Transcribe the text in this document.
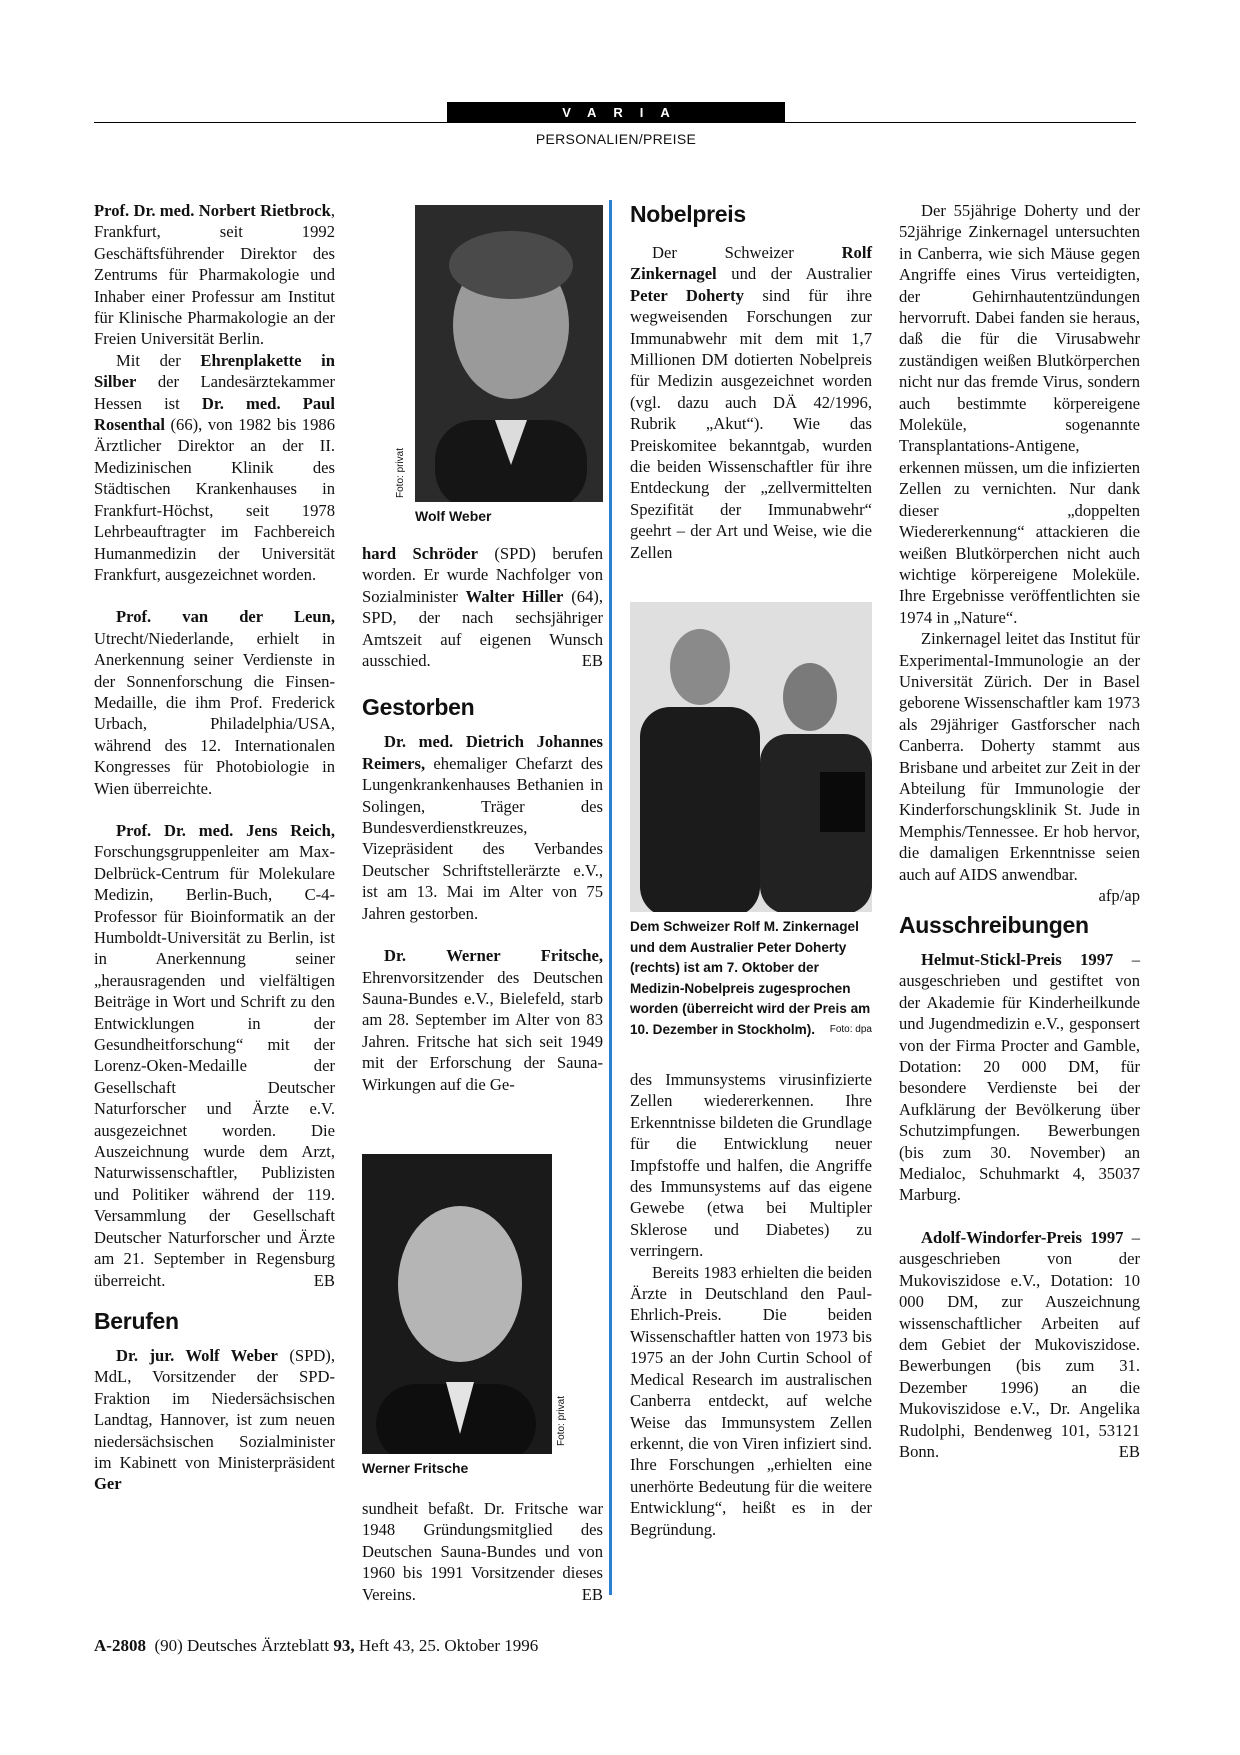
VARIA
PERSONALIEN/PREISE

Prof. Dr. med. Norbert Rietbrock, Frankfurt, seit 1992 Geschäftsführender Direktor des Zentrums für Pharmakologie und Inhaber einer Professur am Institut für Klinische Pharmakologie an der Freien Universität Berlin.

Mit der Ehrenplakette in Silber der Landesärztekammer Hessen ist Dr. med. Paul Rosenthal (66), von 1982 bis 1986 Ärztlicher Direktor an der II. Medizinischen Klinik des Städtischen Krankenhauses in Frankfurt-Höchst, seit 1978 Lehrbeauftragter im Fachbereich Humanmedizin der Universität Frankfurt, ausgezeichnet worden.

Prof. van der Leun, Utrecht/Niederlande, erhielt in Anerkennung seiner Verdienste in der Sonnenforschung die Finsen-Medaille, die ihm Prof. Frederick Urbach, Philadelphia/USA, während des 12. Internationalen Kongresses für Photobiologie in Wien überreichte.

Prof. Dr. med. Jens Reich, Forschungsgruppenleiter am Max-Delbrück-Centrum für Molekulare Medizin, Berlin-Buch, C-4-Professor für Bioinformatik an der Humboldt-Universität zu Berlin, ist in Anerkennung seiner „herausragenden und vielfältigen Beiträge in Wort und Schrift zu den Entwicklungen in der Gesundheitforschung“ mit der Lorenz-Oken-Medaille der Gesellschaft Deutscher Naturforscher und Ärzte e.V. ausgezeichnet worden. Die Auszeichnung wurde dem Arzt, Naturwissenschaftler, Publizisten und Politiker während der 119. Versammlung der Gesellschaft Deutscher Naturforscher und Ärzte am 21. September in Regensburg überreicht.	EB

Berufen

Dr. jur. Wolf Weber (SPD), MdL, Vorsitzender der SPD-Fraktion im Niedersächsischen Landtag, Hannover, ist zum neuen niedersächsischen Sozialminister im Kabinett von Ministerpräsident Ger

Foto: privat
Wolf Weber

hard Schröder (SPD) berufen worden. Er wurde Nachfolger von Sozialminister Walter Hiller (64), SPD, der nach sechsjähriger Amtszeit auf eigenen Wunsch ausschied.	EB

Gestorben

Dr. med. Dietrich Johannes Reimers, ehemaliger Chefarzt des Lungenkrankenhauses Bethanien in Solingen, Träger des Bundesverdienstkreuzes, Vizepräsident des Verbandes Deutscher Schriftstellerärzte e.V., ist am 13. Mai im Alter von 75 Jahren gestorben.

Dr. Werner Fritsche, Ehrenvorsitzender des Deutschen Sauna-Bundes e.V., Bielefeld, starb am 28. September im Alter von 83 Jahren. Fritsche hat sich seit 1949 mit der Erforschung der Sauna-Wirkungen auf die Ge-

Foto: privat
Werner Fritsche

sundheit befaßt. Dr. Fritsche war 1948 Gründungsmitglied des Deutschen Sauna-Bundes und von 1960 bis 1991 Vorsitzender dieses Vereins.	EB

Nobelpreis

Der Schweizer Rolf Zinkernagel und der Australier Peter Doherty sind für ihre wegweisenden Forschungen zur Immunabwehr mit dem mit 1,7 Millionen DM dotierten Nobelpreis für Medizin ausgezeichnet worden (vgl. dazu auch DÄ 42/1996, Rubrik „Akut“). Wie das Preiskomitee bekanntgab, wurden die beiden Wissenschaftler für ihre Entdeckung der „zellvermittelten Spezifität der Immunabwehr“ geehrt – der Art und Weise, wie die Zellen

Dem Schweizer Rolf M. Zinkernagel und dem Australier Peter Doherty (rechts) ist am 7. Oktober der Medizin-Nobelpreis zugesprochen worden (überreicht wird der Preis am 10. Dezember in Stockholm). Foto: dpa

des Immunsystems virusinfizierte Zellen wiedererkennen. Ihre Erkenntnisse bildeten die Grundlage für die Entwicklung neuer Impfstoffe und halfen, die Angriffe des Immunsystems auf das eigene Gewebe (etwa bei Multipler Sklerose und Diabetes) zu verringern.

Bereits 1983 erhielten die beiden Ärzte in Deutschland den Paul-Ehrlich-Preis. Die beiden Wissenschaftler hatten von 1973 bis 1975 an der John Curtin School of Medical Research im australischen Canberra entdeckt, auf welche Weise das Immunsystem Zellen erkennt, die von Viren infiziert sind. Ihre Forschungen „erhielten eine unerhörte Bedeutung für die weitere Entwicklung“, heißt es in der Begründung.

Der 55jährige Doherty und der 52jährige Zinkernagel untersuchten in Canberra, wie sich Mäuse gegen Angriffe eines Virus verteidigten, der Gehirnhautentzündungen hervorruft. Dabei fanden sie heraus, daß die für die Virusabwehr zuständigen weißen Blutkörperchen nicht nur das fremde Virus, sondern auch bestimmte körpereigene Moleküle, sogenannte Transplantations-Antigene, erkennen müssen, um die infizierten Zellen zu vernichten. Nur dank dieser „doppelten Wiedererkennung“ attackieren die weißen Blutkörperchen nicht auch wichtige körpereigene Moleküle. Ihre Ergebnisse veröffentlichten sie 1974 in „Nature“.

Zinkernagel leitet das Institut für Experimental-Immunologie an der Universität Zürich. Der in Basel geborene Wissenschaftler kam 1973 als 29jähriger Gastforscher nach Canberra. Doherty stammt aus Brisbane und arbeitet zur Zeit in der Abteilung für Immunologie der Kinderforschungsklinik St. Jude in Memphis/Tennessee. Er hob hervor, die damaligen Erkenntnisse seien auch auf AIDS anwendbar.
afp/ap

Ausschreibungen

Helmut-Stickl-Preis 1997 – ausgeschrieben und gestiftet von der Akademie für Kinderheilkunde und Jugendmedizin e.V., gesponsert von der Firma Procter and Gamble, Dotation: 20 000 DM, für besondere Verdienste bei der Aufklärung der Bevölkerung über Schutzimpfungen. Bewerbungen (bis zum 30. November) an Medialoc, Schuhmarkt 4, 35037 Marburg.

Adolf-Windorfer-Preis 1997 – ausgeschrieben von der Mukoviszidose e.V., Dotation: 10 000 DM, zur Auszeichnung wissenschaftlicher Arbeiten auf dem Gebiet der Mukoviszidose. Bewerbungen (bis zum 31. Dezember 1996) an die Mukoviszidose e.V., Dr. Angelika Rudolphi, Bendenweg 101, 53121 Bonn.	EB

A-2808 (90) Deutsches Ärzteblatt 93, Heft 43, 25. Oktober 1996
